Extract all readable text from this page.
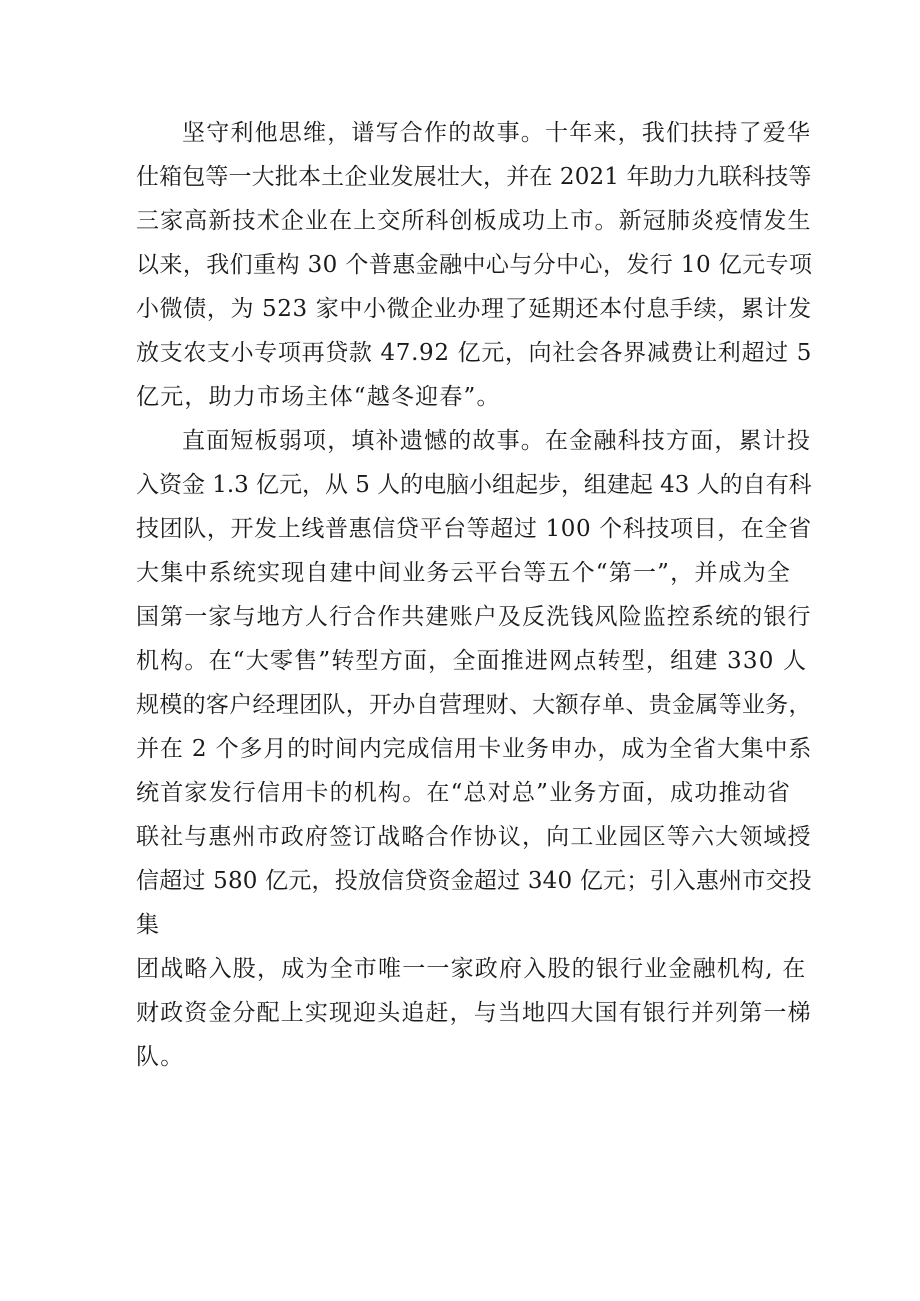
坚守利他思维，谱写合作的故事。十年来，我们扶持了爱华

仕箱包等一大批本土企业发展壮大，并在 2021 年助力九联科技等

三家高新技术企业在上交所科创板成功上市。新冠肺炎疫情发生

以来，我们重构 30 个普惠金融中心与分中心，发行 10 亿元专项

小微债，为 523 家中小微企业办理了延期还本付息手续，累计发

放支农支小专项再贷款 47.92 亿元，向社会各界减费让利超过 5

亿元，助力市场主体“越冬迎春”。

直面短板弱项，填补遗憾的故事。在金融科技方面，累计投

入资金 1.3 亿元，从 5 人的电脑小组起步，组建起 43 人的自有科

技团队，开发上线普惠信贷平台等超过 100 个科技项目，在全省

大集中系统实现自建中间业务云平台等五个“第一”，并成为全

国第一家与地方人行合作共建账户及反洗钱风险监控系统的银行

机构。在“大零售”转型方面，全面推进网点转型，组建 330 人

规模的客户经理团队，开办自营理财、大额存单、贵金属等业务，

并在 2 个多月的时间内完成信用卡业务申办，成为全省大集中系

统首家发行信用卡的机构。在“总对总”业务方面，成功推动省

联社与惠州市政府签订战略合作协议，向工业园区等六大领域授

信超过 580 亿元，投放信贷资金超过 340 亿元；引入惠州市交投

集

团战略入股，成为全市唯一一家政府入股的银行业金融机构, 在

财政资金分配上实现迎头追赶，与当地四大国有银行并列第一梯

队。
